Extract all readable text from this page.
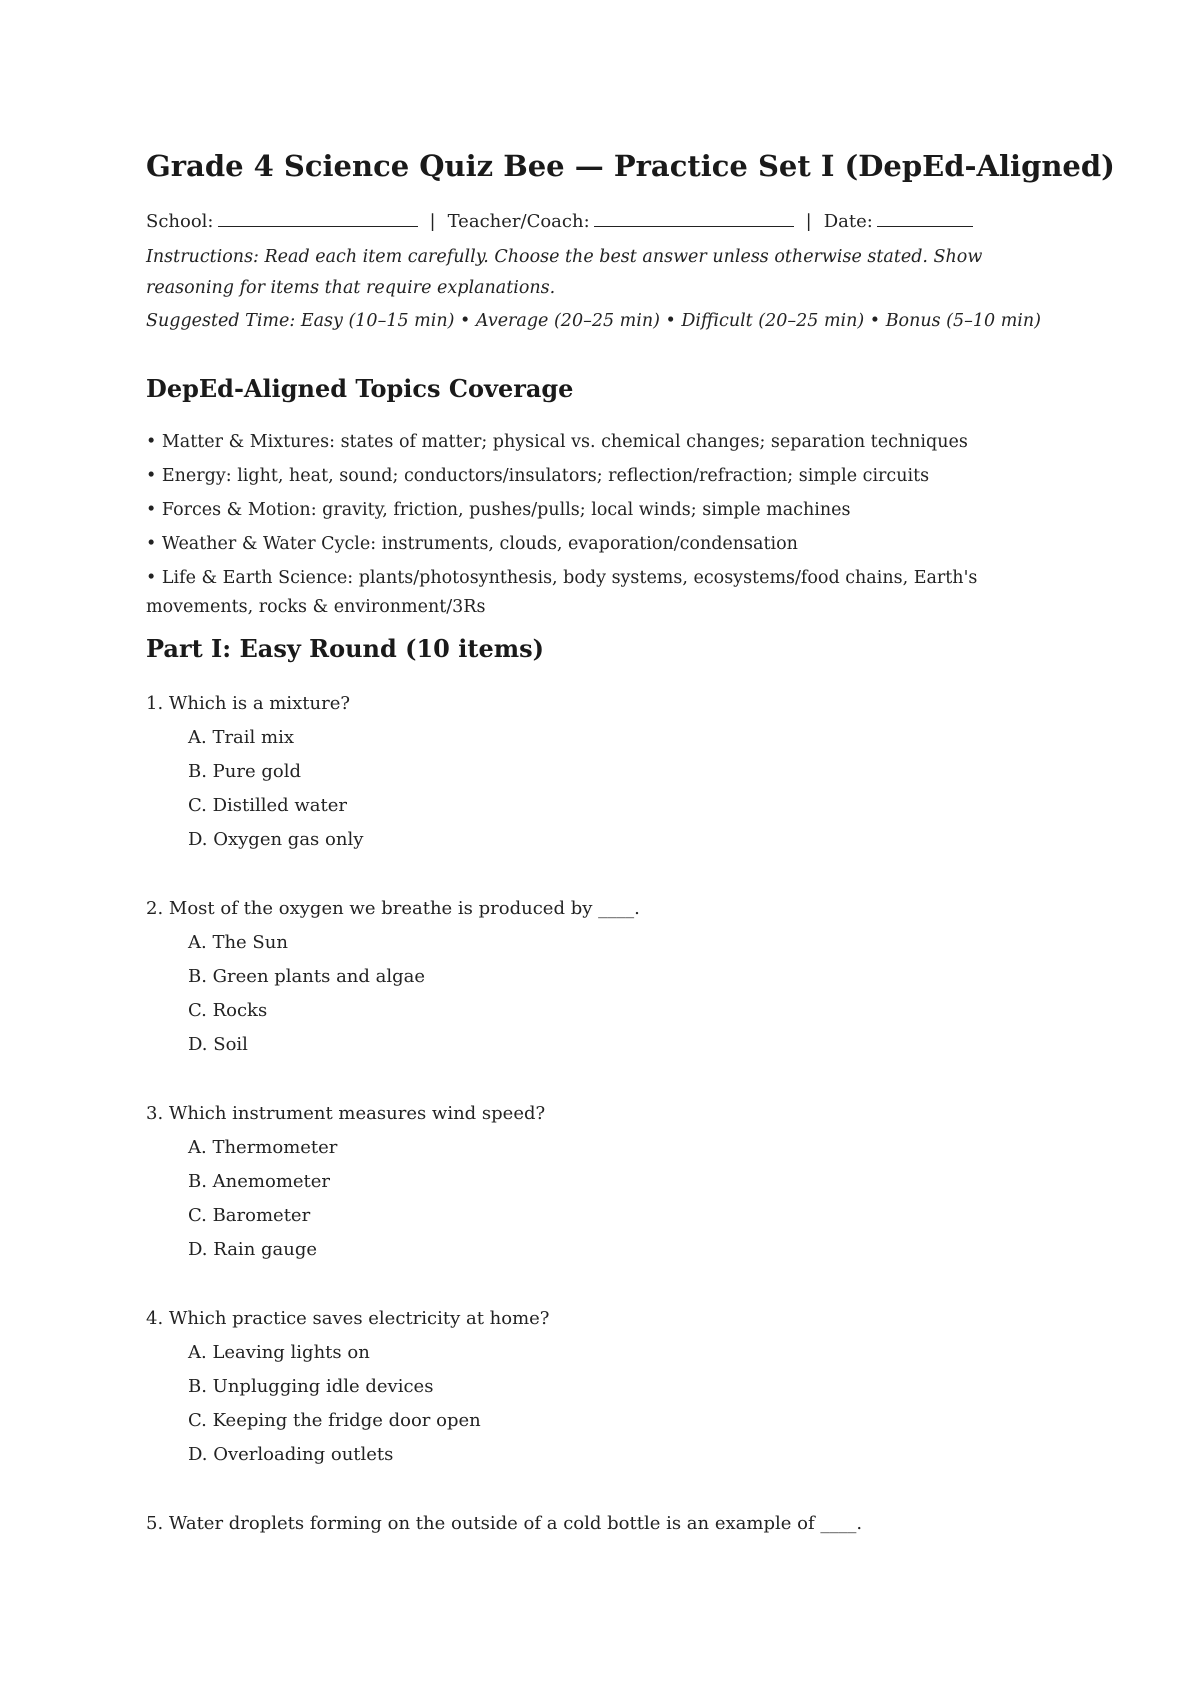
Grade 4 Science Quiz Bee — Practice Set I (DepEd-Aligned)
School:	| Teacher/Coach:	| Date:
Instructions: Read each item carefully. Choose the best answer unless otherwise stated. Show reasoning for items that require explanations.
Suggested Time: Easy (10–15 min) • Average (20–25 min) • Difficult (20–25 min) • Bonus (5–10 min)
DepEd-Aligned Topics Coverage
• Matter & Mixtures: states of matter; physical vs. chemical changes; separation techniques
• Energy: light, heat, sound; conductors/insulators; reflection/refraction; simple circuits
• Forces & Motion: gravity, friction, pushes/pulls; local winds; simple machines
• Weather & Water Cycle: instruments, clouds, evaporation/condensation
• Life & Earth Science: plants/photosynthesis, body systems, ecosystems/food chains, Earth's movements, rocks & environment/3Rs
Part I: Easy Round (10 items)
1. Which is a mixture?
A. Trail mix
B. Pure gold
C. Distilled water
D. Oxygen gas only
2. Most of the oxygen we breathe is produced by ____.
A. The Sun
B. Green plants and algae
C. Rocks
D. Soil
3. Which instrument measures wind speed?
A. Thermometer
B. Anemometer
C. Barometer
D. Rain gauge
4. Which practice saves electricity at home?
A. Leaving lights on
B. Unplugging idle devices
C. Keeping the fridge door open
D. Overloading outlets
5. Water droplets forming on the outside of a cold bottle is an example of ____.
